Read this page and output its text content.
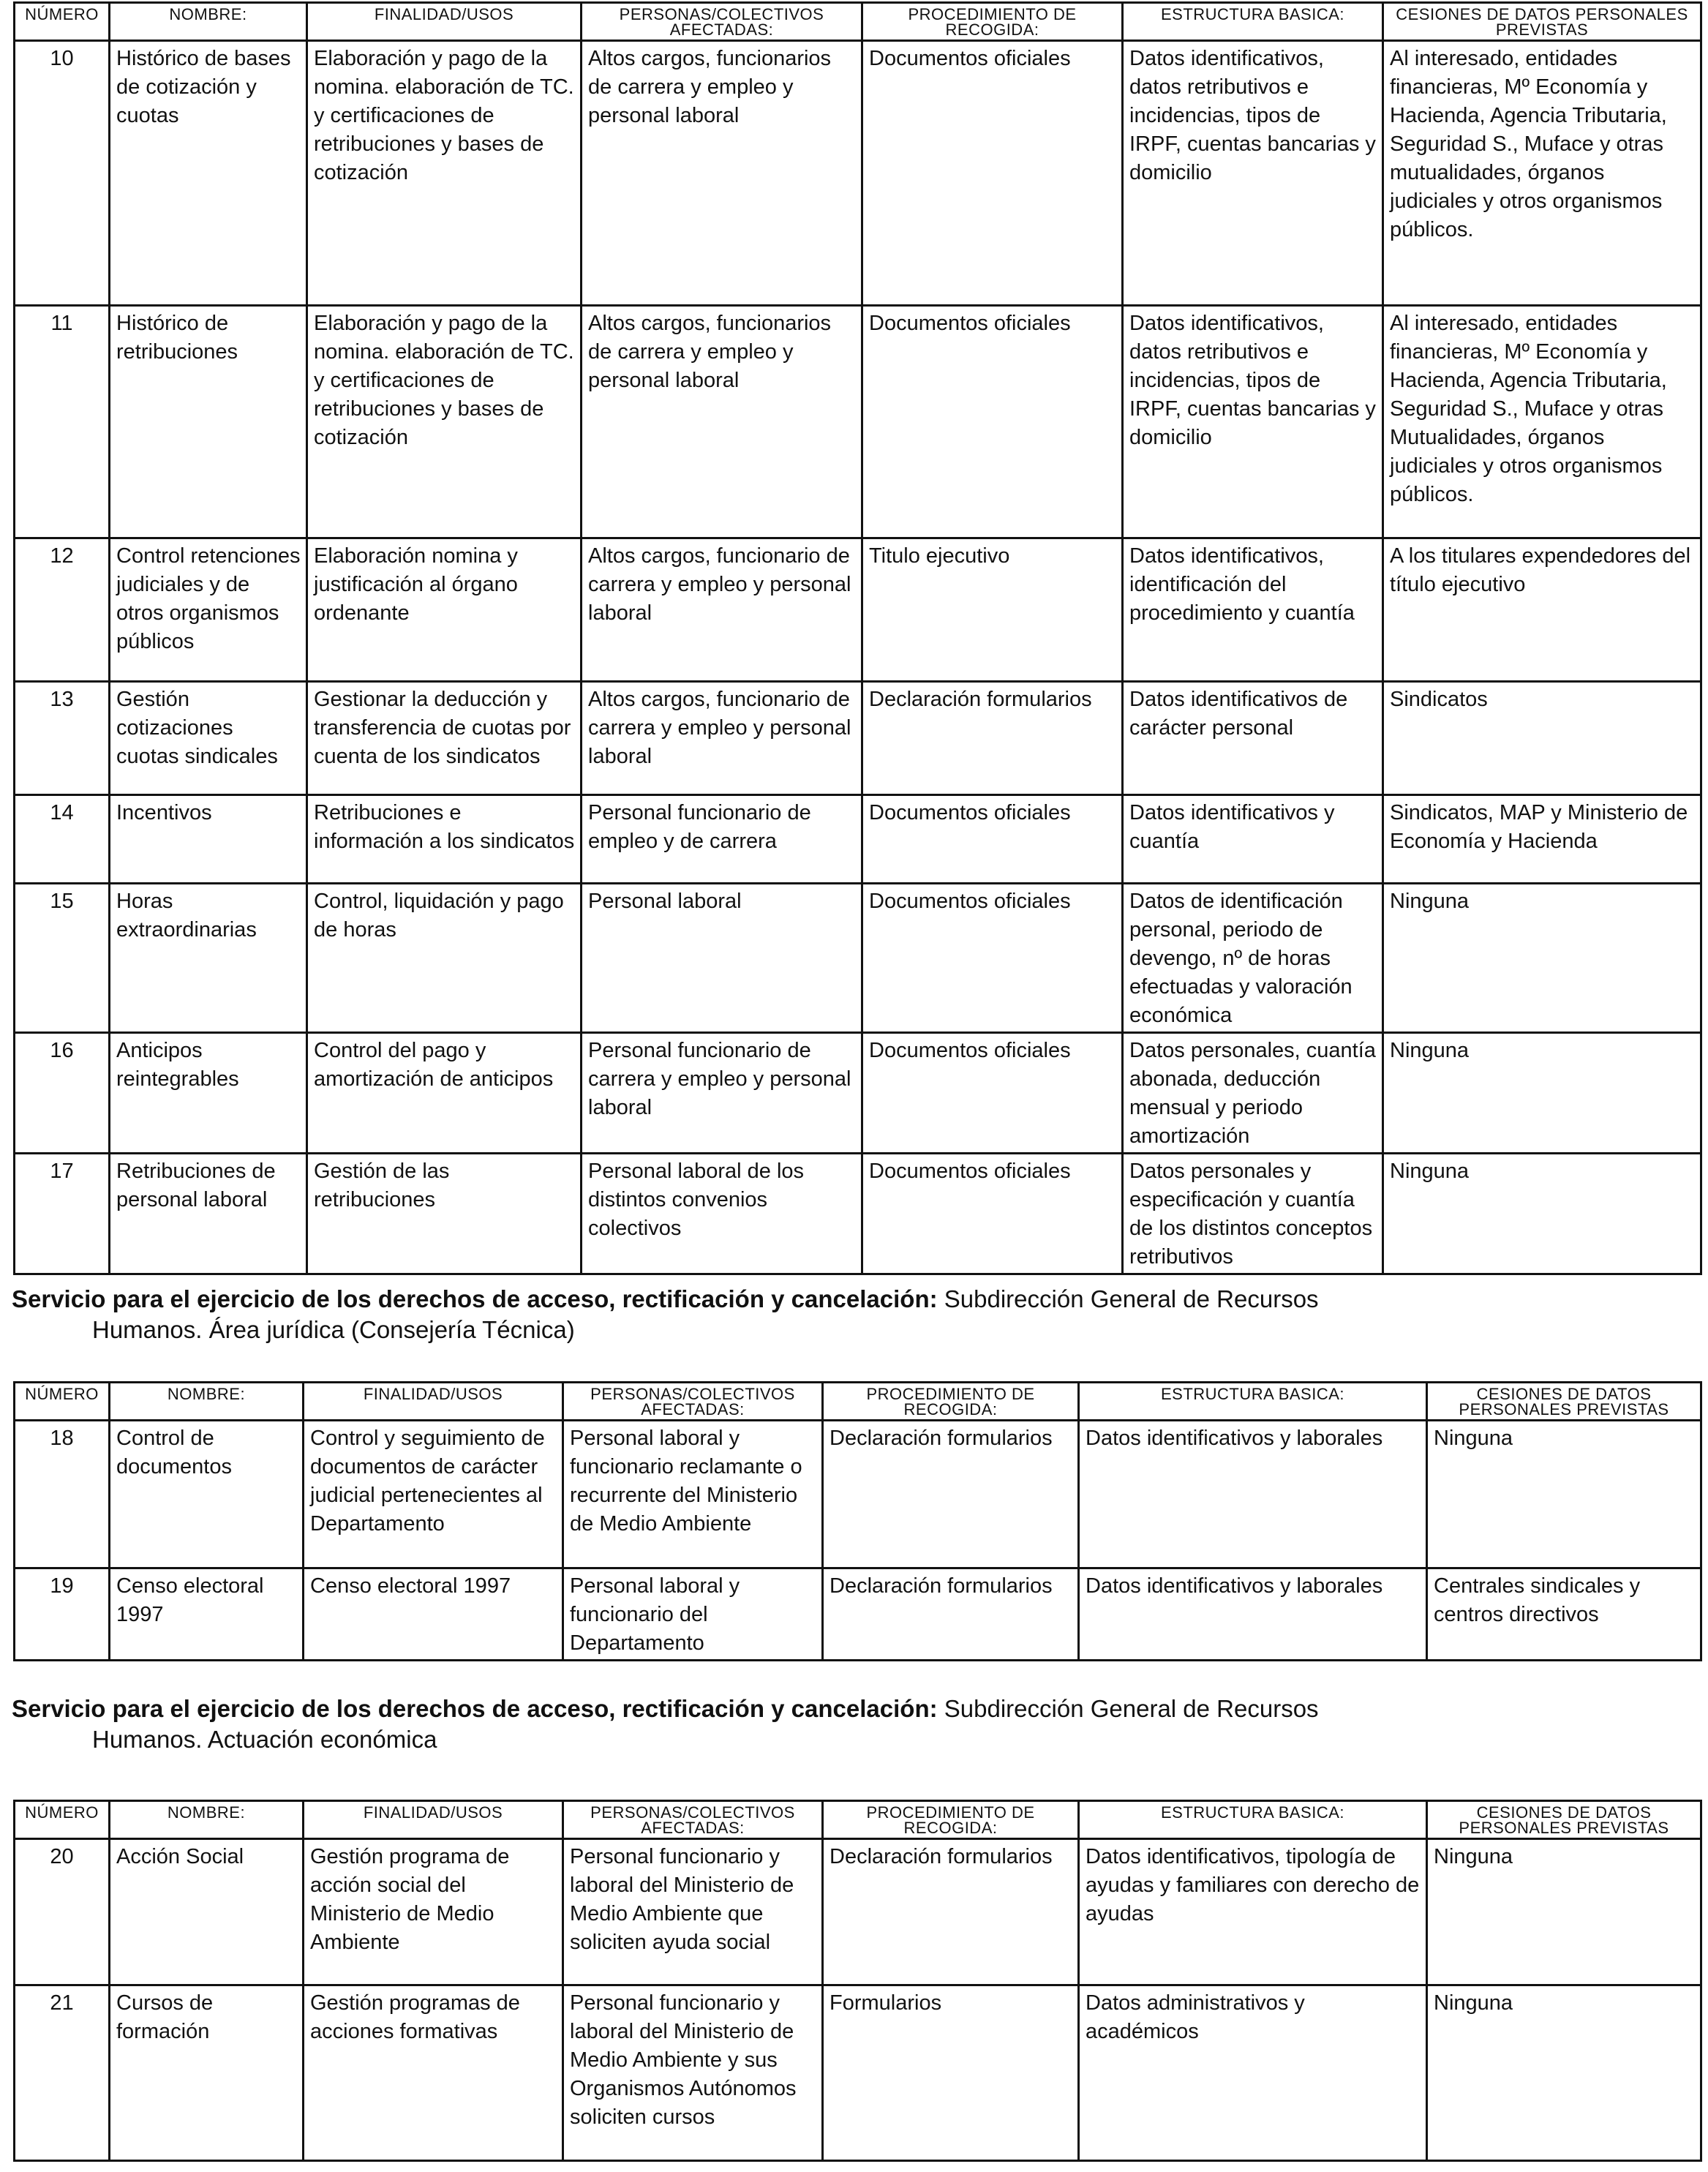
NÚMERO	NOMBRE:	FINALIDAD/USOS	PERSONAS/COLECTIVOS AFECTADAS:	PROCEDIMIENTO DE RECOGIDA:	ESTRUCTURA BASICA:	CESIONES DE DATOS PERSONALES PREVISTAS
10	Histórico de bases de cotización y cuotas	Elaboración y pago de la nomina. elaboración de TC. y certificaciones de retribuciones y bases de cotización	Altos cargos, funcionarios de carrera y empleo y personal laboral	Documentos oficiales	Datos identificativos, datos retributivos e incidencias, tipos de IRPF, cuentas bancarias y domicilio	Al interesado, entidades financieras, Mº Economía y Hacienda, Agencia Tributaria, Seguridad S., Muface y otras mutualidades, órganos judiciales y otros organismos públicos.
11	Histórico de retribuciones	Elaboración y pago de la nomina. elaboración de TC. y certificaciones de retribuciones y bases de cotización	Altos cargos, funcionarios de carrera y empleo y personal laboral	Documentos oficiales	Datos identificativos, datos retributivos e incidencias, tipos de IRPF, cuentas bancarias y domicilio	Al interesado, entidades financieras, Mº Economía y Hacienda, Agencia Tributaria, Seguridad S., Muface y otras Mutualidades, órganos judiciales y otros organismos públicos.
12	Control retenciones judiciales y de otros organismos públicos	Elaboración nomina y justificación al órgano ordenante	Altos cargos, funcionario de carrera y empleo y personal laboral	Titulo ejecutivo	Datos identificativos, identificación del procedimiento y cuantía	A los titulares expendedores del título ejecutivo
13	Gestión cotizaciones cuotas sindicales	Gestionar la deducción y transferencia de cuotas por cuenta de los sindicatos	Altos cargos, funcionario de carrera y empleo y personal laboral	Declaración formularios	Datos identificativos de carácter personal	Sindicatos
14	Incentivos	Retribuciones e información a los sindicatos	Personal funcionario de empleo y de carrera	Documentos oficiales	Datos identificativos y cuantía	Sindicatos, MAP y Ministerio de Economía y Hacienda
15	Horas extraordinarias	Control, liquidación y pago de horas	Personal laboral	Documentos oficiales	Datos de identificación personal, periodo de devengo, nº de horas efectuadas y valoración económica	Ninguna
16	Anticipos reintegrables	Control del pago y amortización de anticipos	Personal funcionario de carrera y empleo y personal laboral	Documentos oficiales	Datos personales, cuantía abonada, deducción mensual y periodo amortización	Ninguna
17	Retribuciones de personal laboral	Gestión de las retribuciones	Personal laboral de los distintos convenios colectivos	Documentos oficiales	Datos personales y especificación y cuantía de los distintos conceptos retributivos	Ninguna
Servicio para el ejercicio de los derechos de acceso, rectificación y cancelación: Subdirección General de Recursos
Humanos. Área jurídica (Consejería Técnica)
NÚMERO	NOMBRE:	FINALIDAD/USOS	PERSONAS/COLECTIVOS AFECTADAS:	PROCEDIMIENTO DE RECOGIDA:	ESTRUCTURA BASICA:	CESIONES DE DATOS PERSONALES PREVISTAS
18	Control de documentos	Control y seguimiento de documentos de carácter judicial pertenecientes al Departamento	Personal laboral y funcionario reclamante o recurrente del Ministerio de Medio Ambiente	Declaración formularios	Datos identificativos y laborales	Ninguna
19	Censo electoral 1997	Censo electoral 1997	Personal laboral y funcionario del Departamento	Declaración formularios	Datos identificativos y laborales	Centrales sindicales y centros directivos
Servicio para el ejercicio de los derechos de acceso, rectificación y cancelación: Subdirección General de Recursos
Humanos. Actuación económica
NÚMERO	NOMBRE:	FINALIDAD/USOS	PERSONAS/COLECTIVOS AFECTADAS:	PROCEDIMIENTO DE RECOGIDA:	ESTRUCTURA BASICA:	CESIONES DE DATOS PERSONALES PREVISTAS
20	Acción Social	Gestión programa de acción social del Ministerio de Medio Ambiente	Personal funcionario y laboral del Ministerio de Medio Ambiente que soliciten ayuda social	Declaración formularios	Datos identificativos, tipología de ayudas y familiares con derecho de ayudas	Ninguna
21	Cursos de formación	Gestión programas de acciones formativas	Personal funcionario y laboral del Ministerio de Medio Ambiente y sus Organismos Autónomos soliciten cursos	Formularios	Datos administrativos y académicos	Ninguna
